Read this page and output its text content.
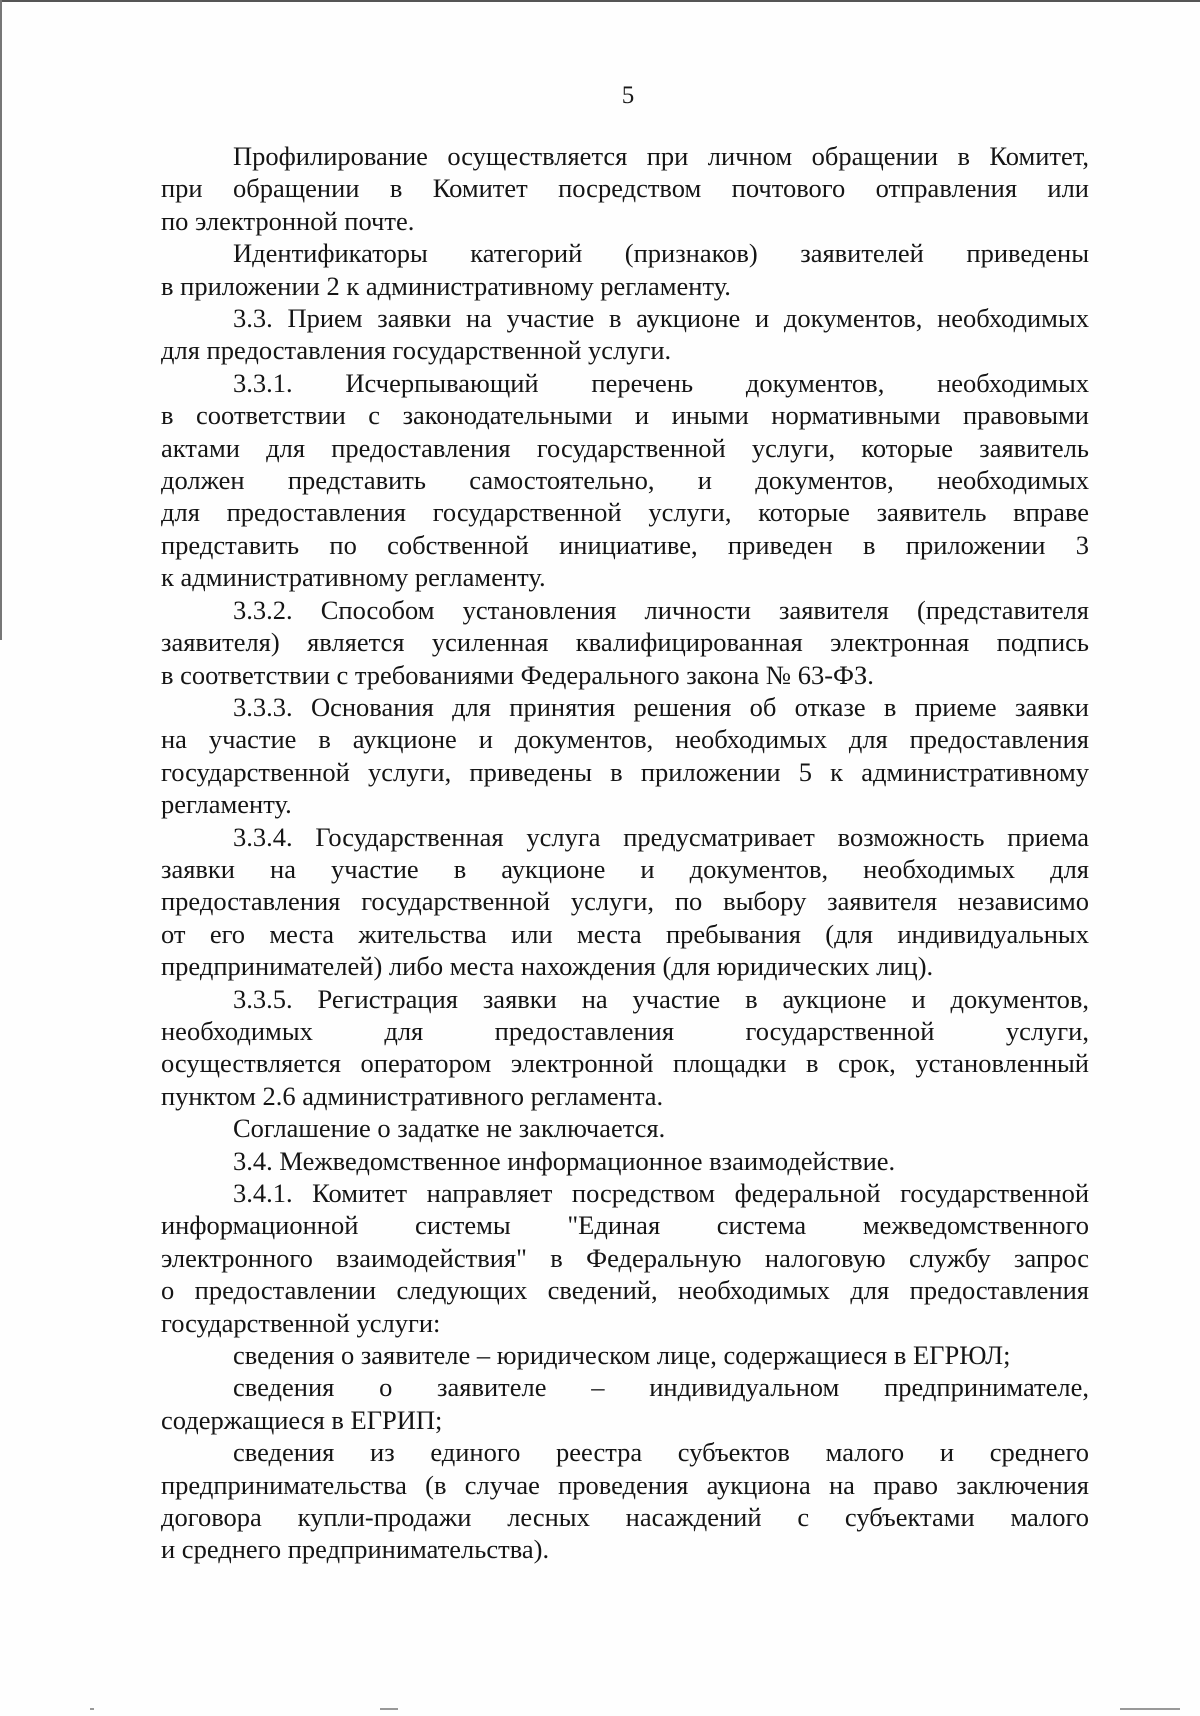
5
Профилирование осуществляется при личном обращении в Комитет,
при обращении в Комитет посредством почтового отправления или
по электронной почте.
Идентификаторы категорий (признаков) заявителей приведены
в приложении 2 к административному регламенту.
3.3. Прием заявки на участие в аукционе и документов, необходимых
для предоставления государственной услуги.
3.3.1. Исчерпывающий перечень документов, необходимых
в соответствии с законодательными и иными нормативными правовыми
актами для предоставления государственной услуги, которые заявитель
должен представить самостоятельно, и документов, необходимых
для предоставления государственной услуги, которые заявитель вправе
представить по собственной инициативе, приведен в приложении 3
к административному регламенту.
3.3.2. Способом установления личности заявителя (представителя
заявителя) является усиленная квалифицированная электронная подпись
в соответствии с требованиями Федерального закона № 63-ФЗ.
3.3.3. Основания для принятия решения об отказе в приеме заявки
на участие в аукционе и документов, необходимых для предоставления
государственной услуги, приведены в приложении 5 к административному
регламенту.
3.3.4. Государственная услуга предусматривает возможность приема
заявки на участие в аукционе и документов, необходимых для
предоставления государственной услуги, по выбору заявителя независимо
от его места жительства или места пребывания (для индивидуальных
предпринимателей) либо места нахождения (для юридических лиц).
3.3.5. Регистрация заявки на участие в аукционе и документов,
необходимых для предоставления государственной услуги,
осуществляется оператором электронной площадки в срок, установленный
пунктом 2.6 административного регламента.
Соглашение о задатке не заключается.
3.4. Межведомственное информационное взаимодействие.
3.4.1. Комитет направляет посредством федеральной государственной
информационной системы "Единая система межведомственного
электронного взаимодействия" в Федеральную налоговую службу запрос
о предоставлении следующих сведений, необходимых для предоставления
государственной услуги:
сведения о заявителе – юридическом лице, содержащиеся в ЕГРЮЛ;
сведения о заявителе – индивидуальном предпринимателе,
содержащиеся в ЕГРИП;
сведения из единого реестра субъектов малого и среднего
предпринимательства (в случае проведения аукциона на право заключения
договора купли-продажи лесных насаждений с субъектами малого
и среднего предпринимательства).
